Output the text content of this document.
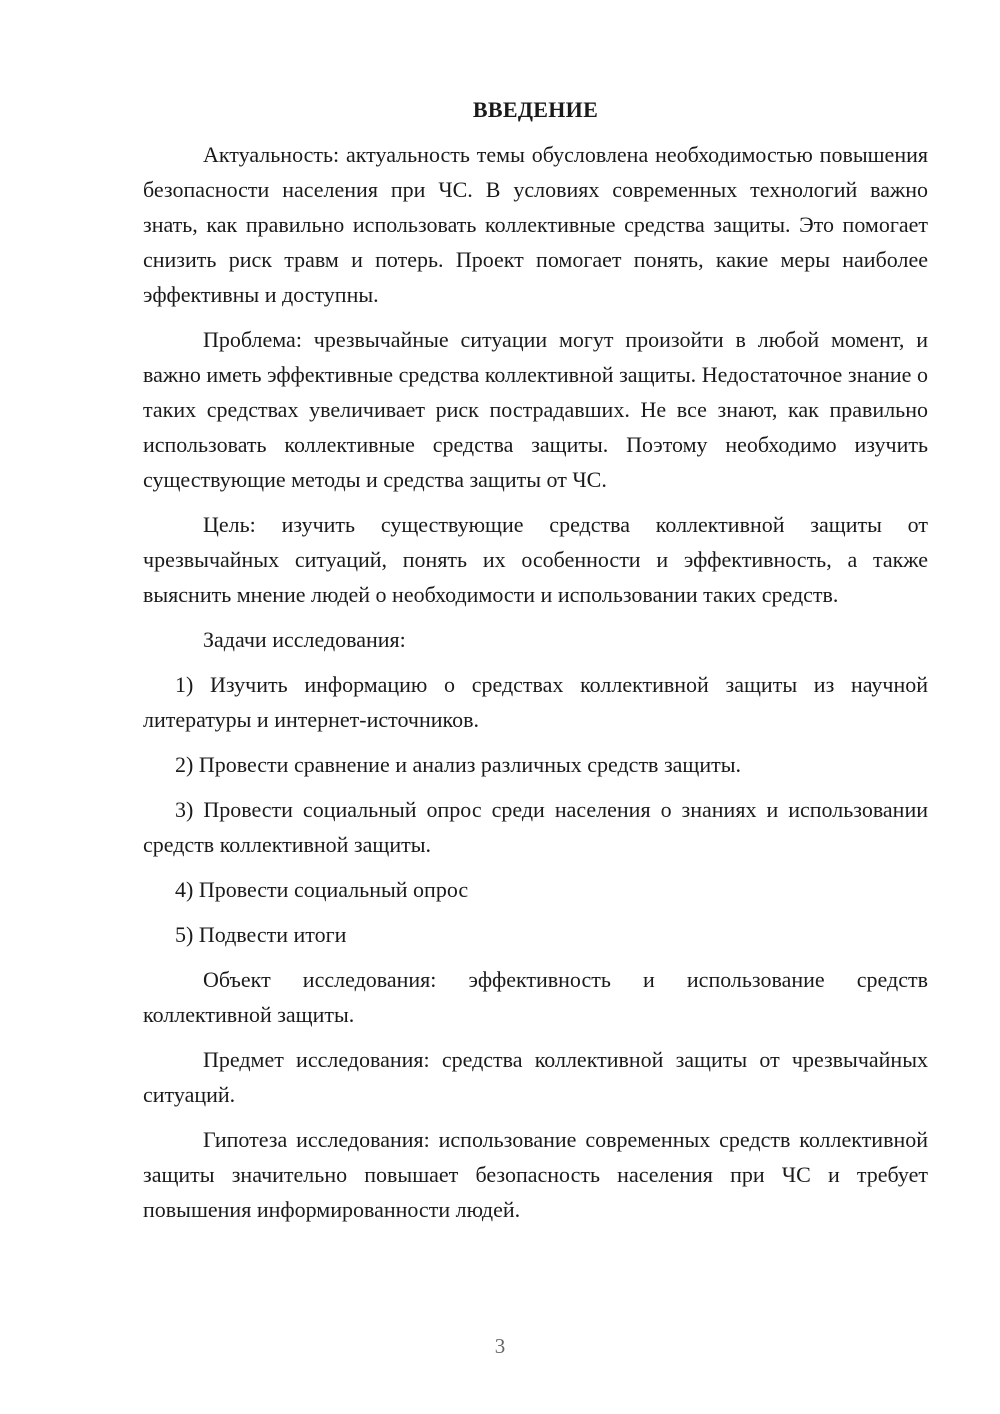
ВВЕДЕНИЕ

Актуальность: актуальность темы обусловлена необходимостью повышения безопасности населения при ЧС. В условиях современных технологий важно знать, как правильно использовать коллективные средства защиты. Это помогает снизить риск травм и потерь. Проект помогает понять, какие меры наиболее эффективны и доступны.

Проблема: чрезвычайные ситуации могут произойти в любой момент, и важно иметь эффективные средства коллективной защиты. Недостаточное знание о таких средствах увеличивает риск пострадавших. Не все знают, как правильно использовать коллективные средства защиты. Поэтому необходимо изучить существующие методы и средства защиты от ЧС.

Цель: изучить существующие средства коллективной защиты от чрезвычайных ситуаций, понять их особенности и эффективность, а также выяснить мнение людей о необходимости и использовании таких средств.

Задачи исследования:

1) Изучить информацию о средствах коллективной защиты из научной литературы и интернет-источников.

2) Провести сравнение и анализ различных средств защиты.

3) Провести социальный опрос среди населения о знаниях и использовании средств коллективной защиты.

4) Провести социальный опрос

5) Подвести итоги

Объект исследования: эффективность и использование средств коллективной защиты.

Предмет исследования: средства коллективной защиты от чрезвычайных ситуаций.

Гипотеза исследования: использование современных средств коллективной защиты значительно повышает безопасность населения при ЧС и требует повышения информированности людей.

3
